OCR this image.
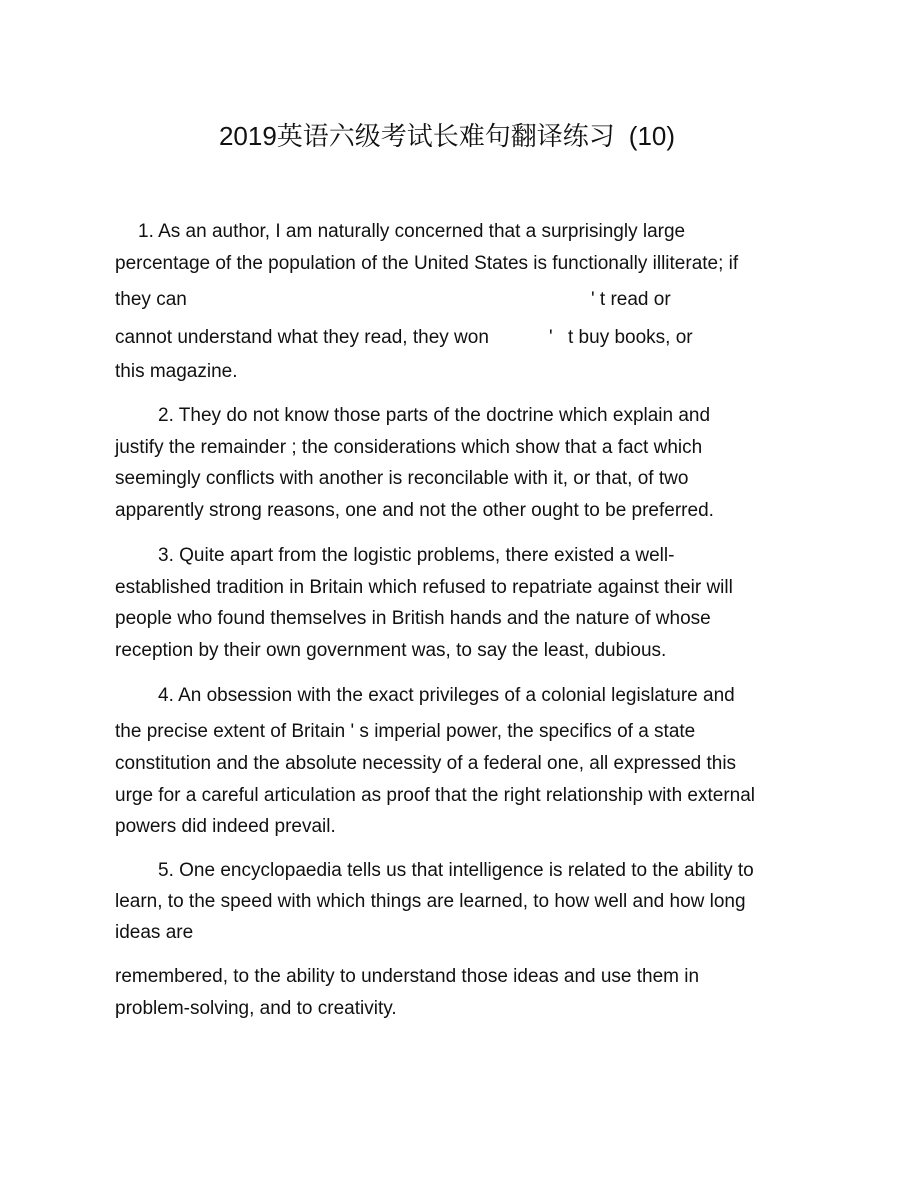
2019英语六级考试长难句翻译练习 (10)
1. As an author, I am naturally concerned that a surprisingly large
percentage of the population of the United States is functionally illiterate; if
they can	' t read or
cannot understand what they read, they won	' t buy books, or
this magazine.
2. They do not know those parts of the doctrine which explain and
justify the remainder ; the considerations which show that a fact which
seemingly conflicts with another is reconcilable with it, or that, of two
apparently strong reasons, one and not the other ought to be preferred.
3. Quite apart from the logistic problems, there existed a well-
established tradition in Britain which refused to repatriate against their will
people who found themselves in British hands and the nature of whose
reception by their own government was, to say the least, dubious.
4. An obsession with the exact privileges of a colonial legislature and
the precise extent of Britain ' s imperial power, the specifics of a state
constitution and the absolute necessity of a federal one, all expressed this
urge for a careful articulation as proof that the right relationship with external
powers did indeed prevail.
5. One encyclopaedia tells us that intelligence is related to the ability to
learn, to the speed with which things are learned, to how well and how long
ideas are
remembered, to the ability to understand those ideas and use them in
problem-solving, and to creativity.
